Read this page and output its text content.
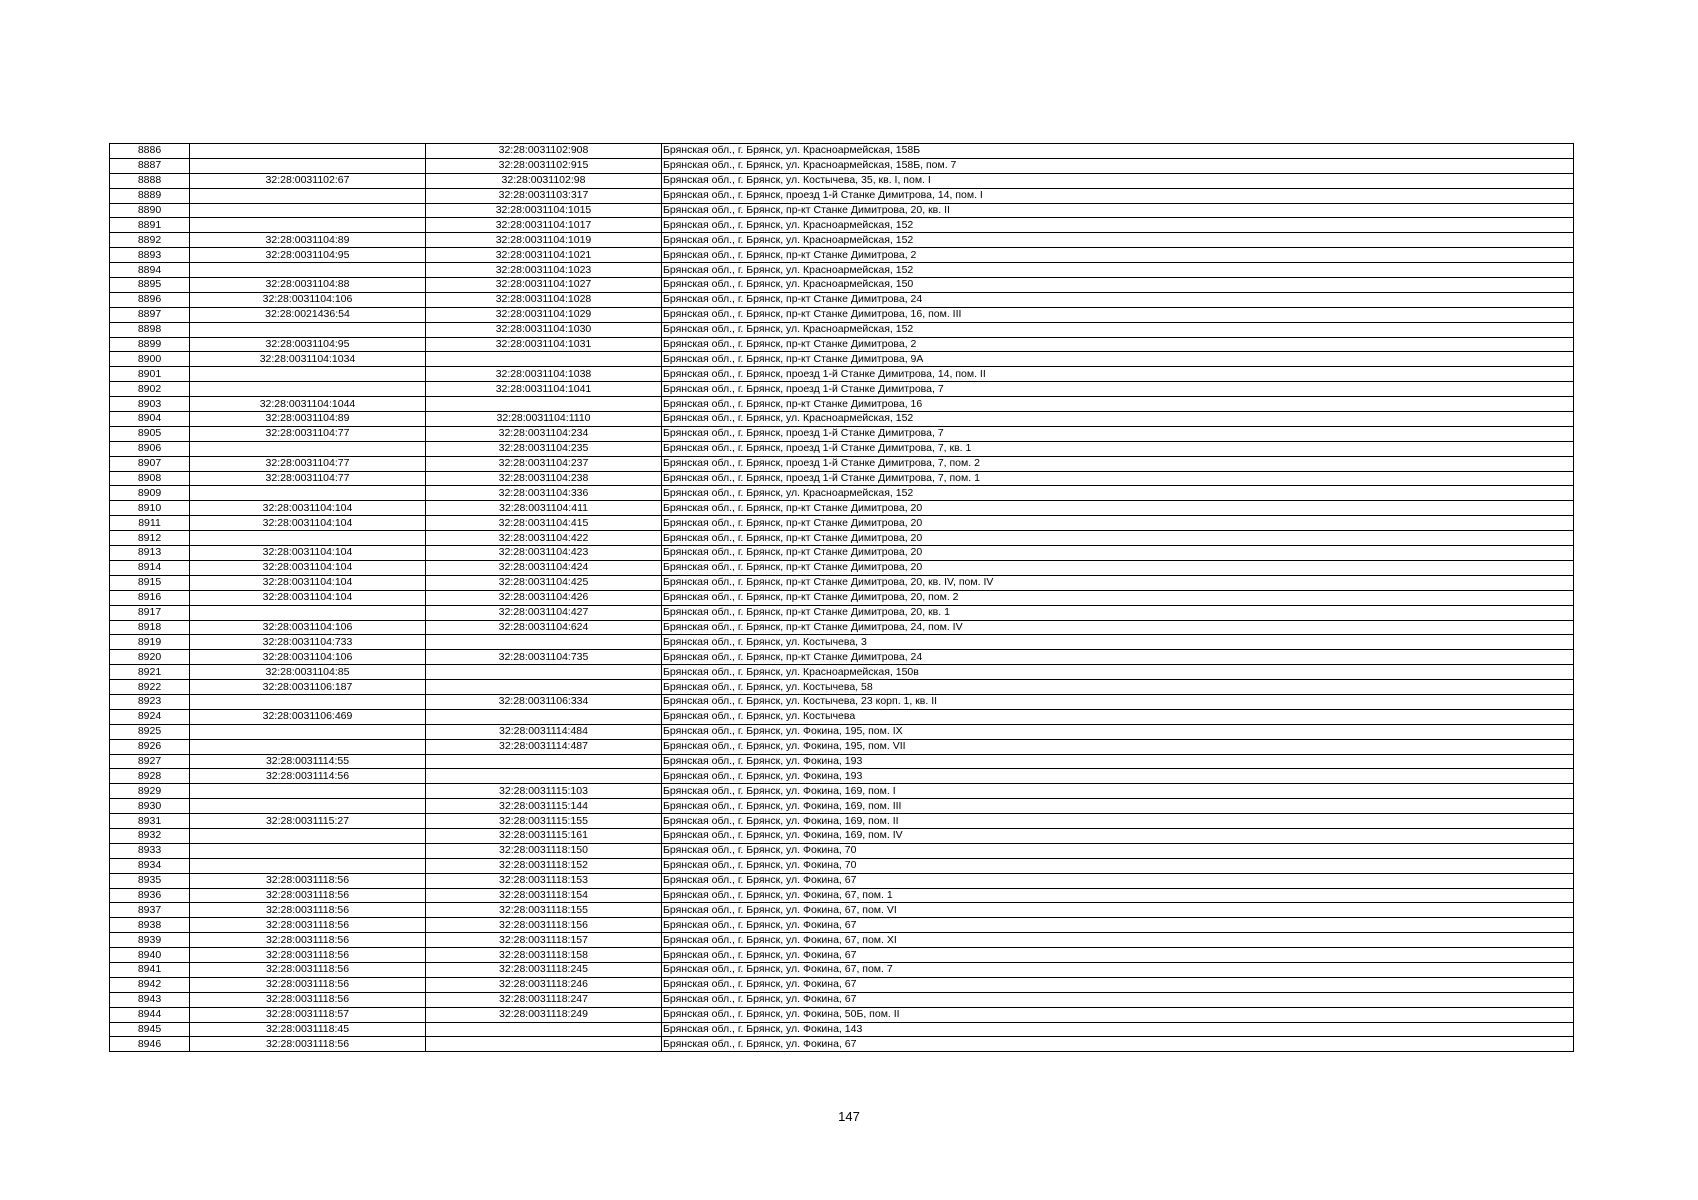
8886		32:28:0031102:908	Брянская обл., г. Брянск, ул. Красноармейская, 158Б
8887		32:28:0031102:915	Брянская обл., г. Брянск, ул. Красноармейская, 158Б, пом. 7
8888	32:28:0031102:67	32:28:0031102:98	Брянская обл., г. Брянск, ул. Костычева, 35, кв. I, пом. I
8889		32:28:0031103:317	Брянская обл., г. Брянск, проезд 1-й Станке Димитрова, 14, пом. I
8890		32:28:0031104:1015	Брянская обл., г. Брянск, пр-кт Станке Димитрова, 20, кв. II
8891		32:28:0031104:1017	Брянская обл., г. Брянск, ул. Красноармейская, 152
8892	32:28:0031104:89	32:28:0031104:1019	Брянская обл., г. Брянск, ул. Красноармейская, 152
8893	32:28:0031104:95	32:28:0031104:1021	Брянская обл., г. Брянск, пр-кт Станке Димитрова, 2
8894		32:28:0031104:1023	Брянская обл., г. Брянск, ул. Красноармейская, 152
8895	32:28:0031104:88	32:28:0031104:1027	Брянская обл., г. Брянск, ул. Красноармейская, 150
8896	32:28:0031104:106	32:28:0031104:1028	Брянская обл., г. Брянск, пр-кт Станке Димитрова, 24
8897	32:28:0021436:54	32:28:0031104:1029	Брянская обл., г. Брянск, пр-кт Станке Димитрова, 16, пом. III
8898		32:28:0031104:1030	Брянская обл., г. Брянск, ул. Красноармейская, 152
8899	32:28:0031104:95	32:28:0031104:1031	Брянская обл., г. Брянск, пр-кт Станке Димитрова, 2
8900	32:28:0031104:1034		Брянская обл., г. Брянск, пр-кт Станке Димитрова, 9А
8901		32:28:0031104:1038	Брянская обл., г. Брянск, проезд 1-й Станке Димитрова, 14, пом. II
8902		32:28:0031104:1041	Брянская обл., г. Брянск, проезд 1-й Станке Димитрова, 7
8903	32:28:0031104:1044		Брянская обл., г. Брянск, пр-кт Станке Димитрова, 16
8904	32:28:0031104:89	32:28:0031104:1110	Брянская обл., г. Брянск, ул. Красноармейская, 152
8905	32:28:0031104:77	32:28:0031104:234	Брянская обл., г. Брянск, проезд 1-й Станке Димитрова, 7
8906		32:28:0031104:235	Брянская обл., г. Брянск, проезд 1-й Станке Димитрова, 7, кв. 1
8907	32:28:0031104:77	32:28:0031104:237	Брянская обл., г. Брянск, проезд 1-й Станке Димитрова, 7, пом. 2
8908	32:28:0031104:77	32:28:0031104:238	Брянская обл., г. Брянск, проезд 1-й Станке Димитрова, 7, пом. 1
8909		32:28:0031104:336	Брянская обл., г. Брянск, ул. Красноармейская, 152
8910	32:28:0031104:104	32:28:0031104:411	Брянская обл., г. Брянск, пр-кт Станке Димитрова, 20
8911	32:28:0031104:104	32:28:0031104:415	Брянская обл., г. Брянск, пр-кт Станке Димитрова, 20
8912		32:28:0031104:422	Брянская обл., г. Брянск, пр-кт Станке Димитрова, 20
8913	32:28:0031104:104	32:28:0031104:423	Брянская обл., г. Брянск, пр-кт Станке Димитрова, 20
8914	32:28:0031104:104	32:28:0031104:424	Брянская обл., г. Брянск, пр-кт Станке Димитрова, 20
8915	32:28:0031104:104	32:28:0031104:425	Брянская обл., г. Брянск, пр-кт Станке Димитрова, 20, кв. IV, пом. IV
8916	32:28:0031104:104	32:28:0031104:426	Брянская обл., г. Брянск, пр-кт Станке Димитрова, 20, пом. 2
8917		32:28:0031104:427	Брянская обл., г. Брянск, пр-кт Станке Димитрова, 20, кв. 1
8918	32:28:0031104:106	32:28:0031104:624	Брянская обл., г. Брянск, пр-кт Станке Димитрова, 24, пом. IV
8919	32:28:0031104:733		Брянская обл., г. Брянск, ул. Костычева, 3
8920	32:28:0031104:106	32:28:0031104:735	Брянская обл., г. Брянск, пр-кт Станке Димитрова, 24
8921	32:28:0031104:85		Брянская обл., г. Брянск, ул. Красноармейская, 150в
8922	32:28:0031106:187		Брянская обл., г. Брянск, ул. Костычева, 58
8923		32:28:0031106:334	Брянская обл., г. Брянск, ул. Костычева, 23 корп. 1, кв. II
8924	32:28:0031106:469		Брянская обл., г. Брянск, ул. Костычева
8925		32:28:0031114:484	Брянская обл., г. Брянск, ул. Фокина, 195, пом. IX
8926		32:28:0031114:487	Брянская обл., г. Брянск, ул. Фокина, 195, пом. VII
8927	32:28:0031114:55		Брянская обл., г. Брянск, ул. Фокина, 193
8928	32:28:0031114:56		Брянская обл., г. Брянск, ул. Фокина, 193
8929		32:28:0031115:103	Брянская обл., г. Брянск, ул. Фокина, 169, пом. I
8930		32:28:0031115:144	Брянская обл., г. Брянск, ул. Фокина, 169, пом. III
8931	32:28:0031115:27	32:28:0031115:155	Брянская обл., г. Брянск, ул. Фокина, 169, пом. II
8932		32:28:0031115:161	Брянская обл., г. Брянск, ул. Фокина, 169, пом. IV
8933		32:28:0031118:150	Брянская обл., г. Брянск, ул. Фокина, 70
8934		32:28:0031118:152	Брянская обл., г. Брянск, ул. Фокина, 70
8935	32:28:0031118:56	32:28:0031118:153	Брянская обл., г. Брянск, ул. Фокина, 67
8936	32:28:0031118:56	32:28:0031118:154	Брянская обл., г. Брянск, ул. Фокина, 67, пом. 1
8937	32:28:0031118:56	32:28:0031118:155	Брянская обл., г. Брянск, ул. Фокина, 67, пом. VI
8938	32:28:0031118:56	32:28:0031118:156	Брянская обл., г. Брянск, ул. Фокина, 67
8939	32:28:0031118:56	32:28:0031118:157	Брянская обл., г. Брянск, ул. Фокина, 67, пом. XI
8940	32:28:0031118:56	32:28:0031118:158	Брянская обл., г. Брянск, ул. Фокина, 67
8941	32:28:0031118:56	32:28:0031118:245	Брянская обл., г. Брянск, ул. Фокина, 67, пом. 7
8942	32:28:0031118:56	32:28:0031118:246	Брянская обл., г. Брянск, ул. Фокина, 67
8943	32:28:0031118:56	32:28:0031118:247	Брянская обл., г. Брянск, ул. Фокина, 67
8944	32:28:0031118:57	32:28:0031118:249	Брянская обл., г. Брянск, ул. Фокина, 50Б, пом. II
8945	32:28:0031118:45		Брянская обл., г. Брянск, ул. Фокина, 143
8946	32:28:0031118:56		Брянская обл., г. Брянск, ул. Фокина, 67
147
